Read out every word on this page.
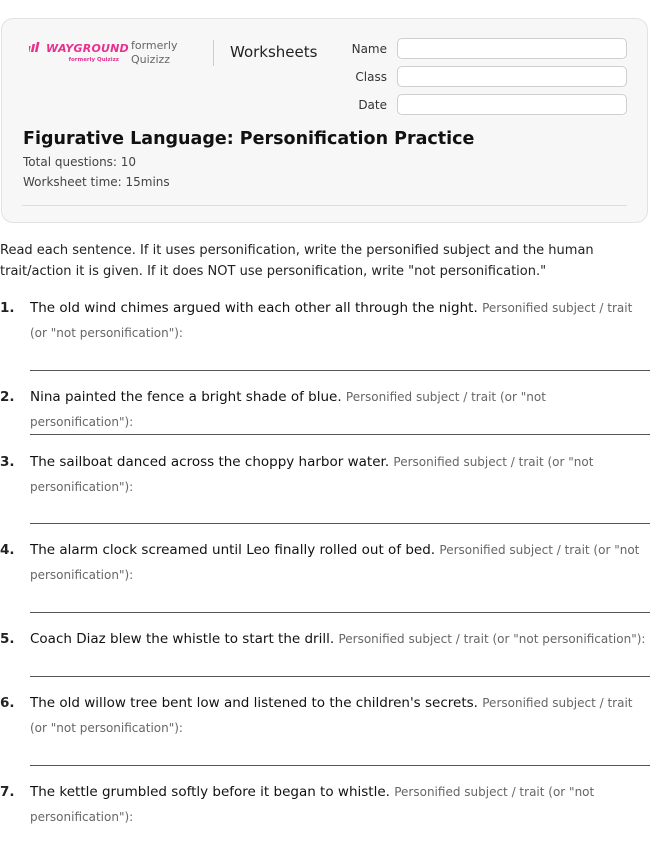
WAYGROUND
formerly Quizizz
formerly
Quizizz	Worksheets	Name
Class
Date
Figurative Language: Personification Practice
Total questions: 10
Worksheet time: 15mins
Read each sentence. If it uses personification, write the personified subject and the human trait/action it is given. If it does NOT use personification, write "not personification."
1. The old wind chimes argued with each other all through the night. Personified subject / trait (or "not personification"):
2. Nina painted the fence a bright shade of blue. Personified subject / trait (or "not personification"):
3. The sailboat danced across the choppy harbor water. Personified subject / trait (or "not personification"):
4. The alarm clock screamed until Leo finally rolled out of bed. Personified subject / trait (or "not personification"):
5. Coach Diaz blew the whistle to start the drill. Personified subject / trait (or "not personification"):
6. The old willow tree bent low and listened to the children's secrets. Personified subject / trait (or "not personification"):
7. The kettle grumbled softly before it began to whistle. Personified subject / trait (or "not personification"):
